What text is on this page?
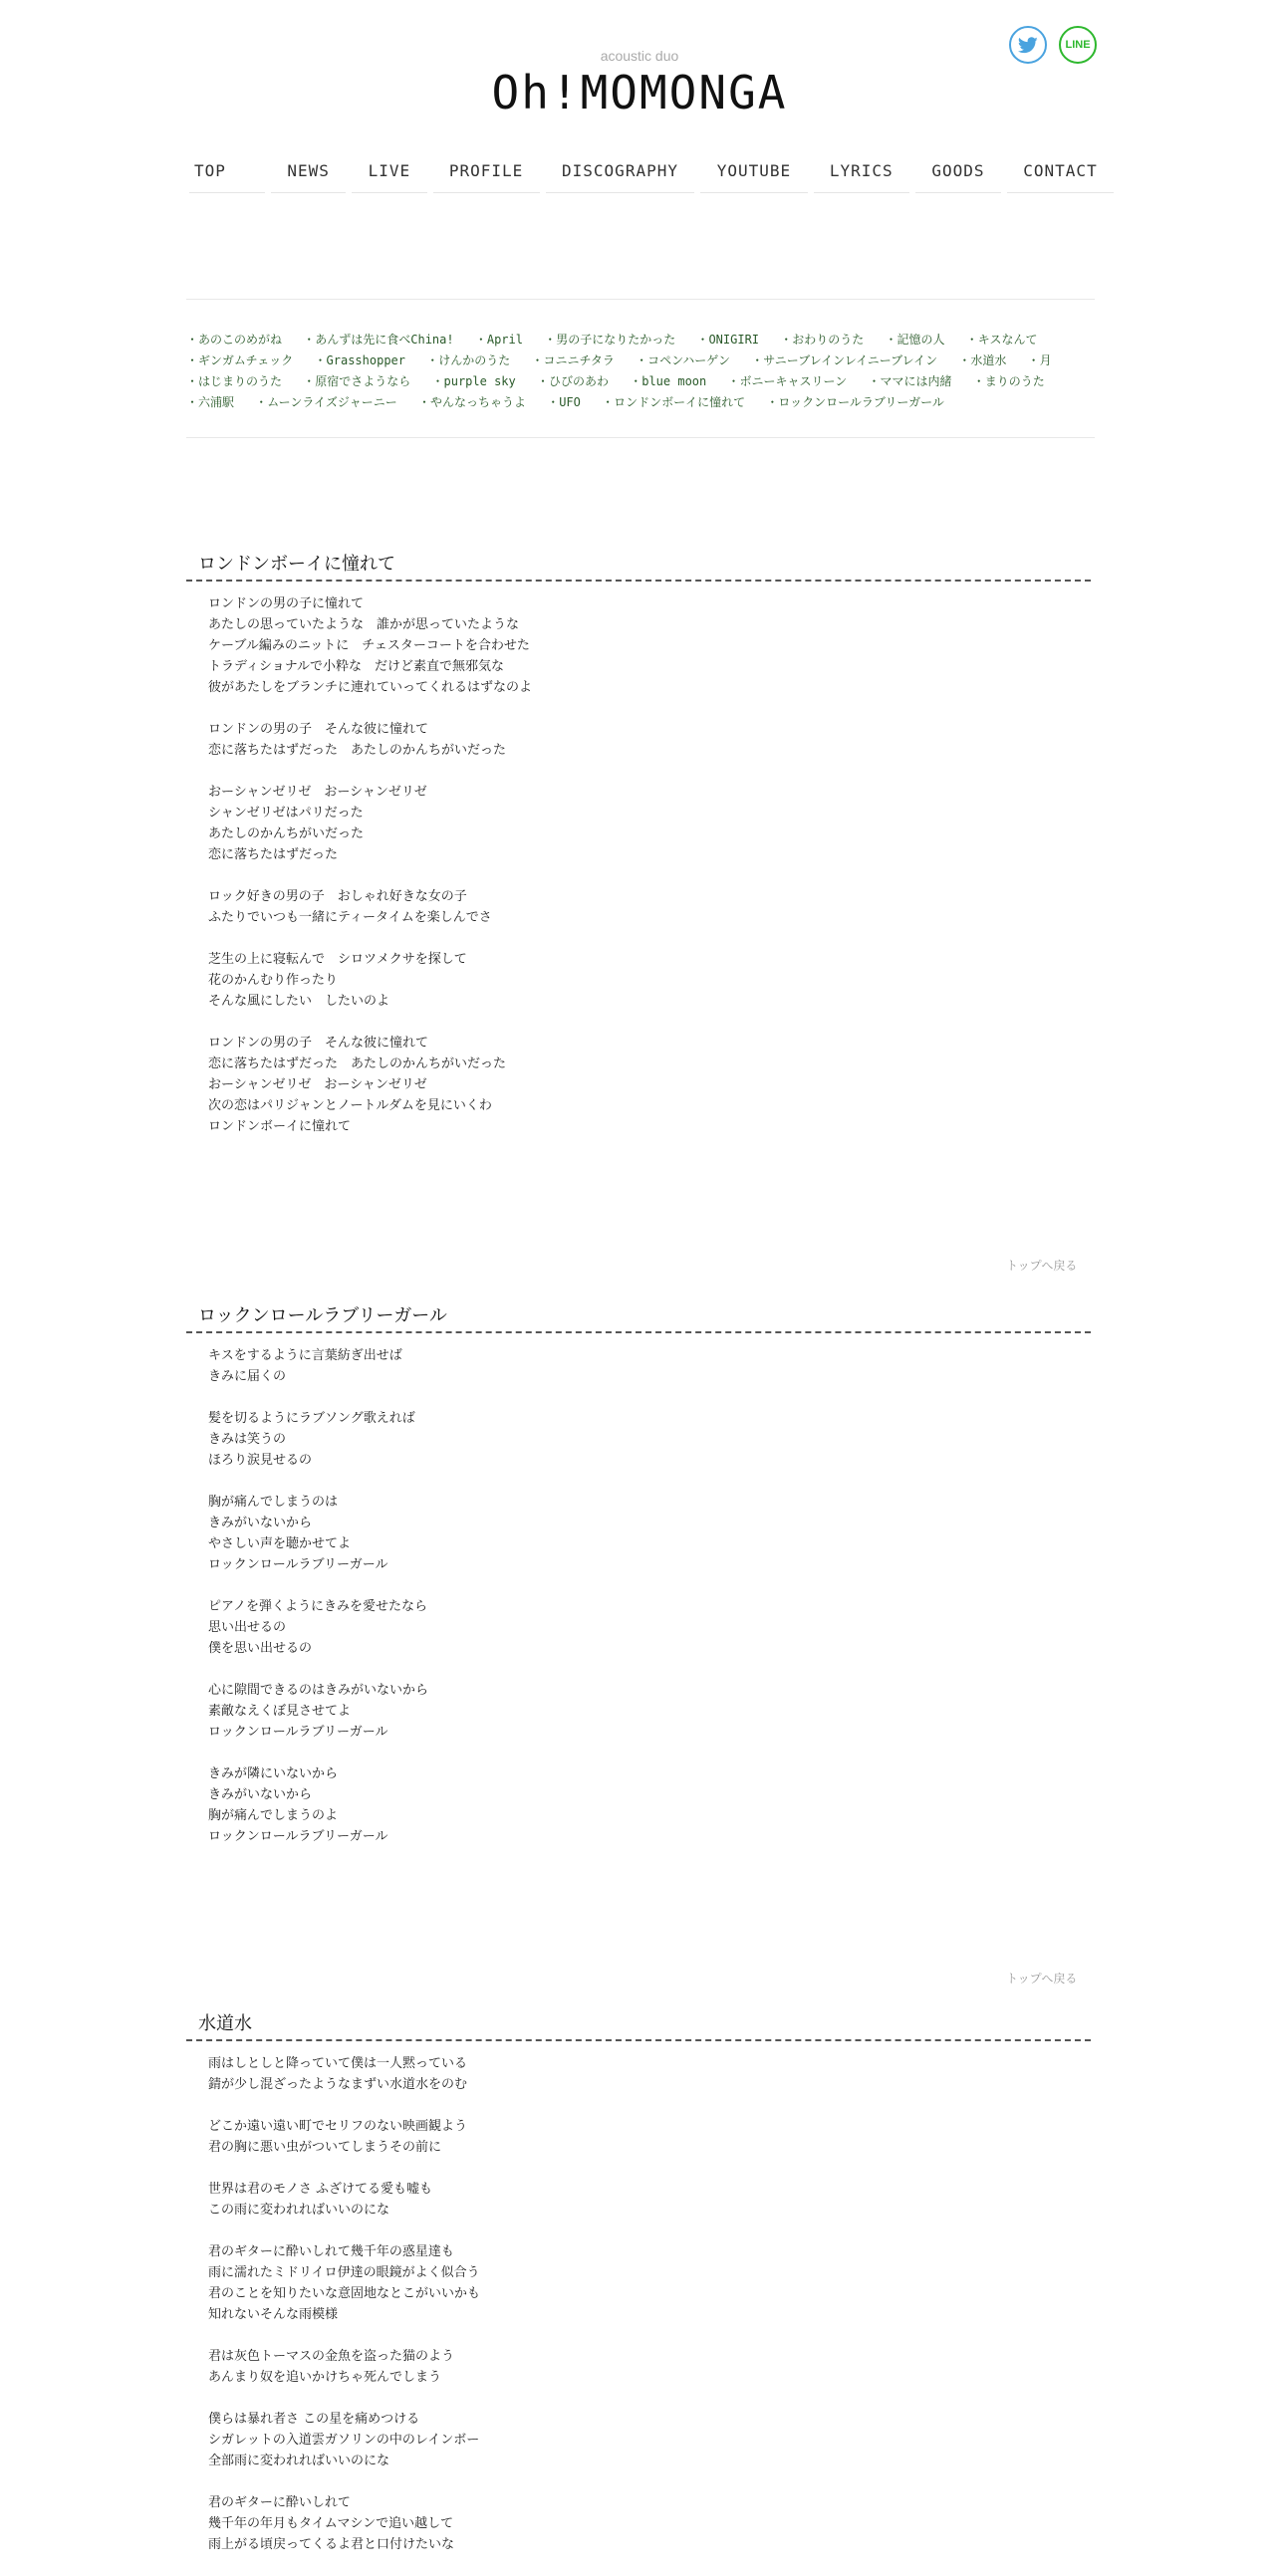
acoustic duo
Oh!MOMONGA
LINE
TOP	NEWS	LIVE	PROFILE	DISCOGRAPHY	YOUTUBE	LYRICS	GOODS	CONTACT
・あのこのめがね ・あんずは先に食べChina! ・April ・男の子になりたかった ・ONIGIRI ・おわりのうた ・記憶の人 ・キスなんて ・ギンガムチェック ・Grasshopper ・けんかのうた ・コニニチタラ ・コペンハーゲン ・サニーブレインレイニーブレイン ・水道水 ・月 ・はじまりのうた ・原宿でさようなら ・purple sky ・ひびのあわ ・blue moon ・ボニーキャスリーン ・ママには内緒 ・まりのうた ・六浦駅 ・ムーンライズジャーニー ・やんなっちゃうよ ・UFO ・ロンドンボーイに憧れて ・ロックンロールラブリーガール
ロンドンボーイに憧れて

ロンドンの男の子に憧れて
あたしの思っていたような　誰かが思っていたような
ケーブル編みのニットに　チェスターコートを合わせた
トラディショナルで小粋な　だけど素直で無邪気な
彼があたしをブランチに連れていってくれるはずなのよ

ロンドンの男の子　そんな彼に憧れて
恋に落ちたはずだった　あたしのかんちがいだった

おーシャンゼリゼ　おーシャンゼリゼ
シャンゼリゼはパリだった
あたしのかんちがいだった
恋に落ちたはずだった

ロック好きの男の子　おしゃれ好きな女の子
ふたりでいつも一緒にティータイムを楽しんでさ

芝生の上に寝転んで　シロツメクサを探して
花のかんむり作ったり
そんな風にしたい　したいのよ

ロンドンの男の子　そんな彼に憧れて
恋に落ちたはずだった　あたしのかんちがいだった
おーシャンゼリゼ　おーシャンゼリゼ
次の恋はパリジャンとノートルダムを見にいくわ
ロンドンボーイに憧れて

トップへ戻る
ロックンロールラブリーガール

キスをするように言葉紡ぎ出せば
きみに届くの

髪を切るようにラブソング歌えれば
きみは笑うの
ほろり涙見せるの

胸が痛んでしまうのは
きみがいないから
やさしい声を聴かせてよ
ロックンロールラブリーガール

ピアノを弾くようにきみを愛せたなら
思い出せるの
僕を思い出せるの

心に隙間できるのはきみがいないから
素敵なえくぼ見させてよ
ロックンロールラブリーガール

きみが隣にいないから
きみがいないから
胸が痛んでしまうのよ
ロックンロールラブリーガール

トップへ戻る
水道水

雨はしとしと降っていて僕は一人黙っている
錆が少し混ざったようなまずい水道水をのむ

どこか遠い遠い町でセリフのない映画観よう
君の胸に悪い虫がついてしまうその前に

世界は君のモノさ ふざけてる愛も嘘も
この雨に変われればいいのにな

君のギターに酔いしれて幾千年の惑星達も
雨に濡れたミドリイロ伊達の眼鏡がよく似合う
君のことを知りたいな意固地なとこがいいかも
知れないそんな雨模様

君は灰色トーマスの金魚を盗った猫のよう
あんまり奴を追いかけちゃ死んでしまう

僕らは暴れ者さ この星を痛めつける
シガレットの入道雲ガソリンの中のレインボー
全部雨に変われればいいのにな

君のギターに酔いしれて
幾千年の年月もタイムマシンで追い越して
雨上がる頃戻ってくるよ君と口付けたいな
